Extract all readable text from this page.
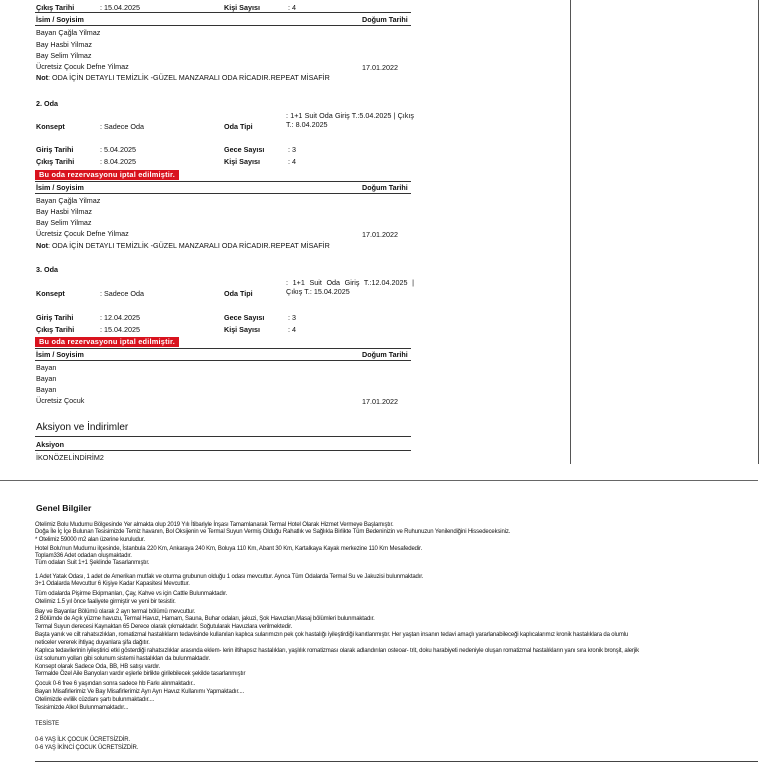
Çıkış Tarihi	: 15.04.2025	Kişi Sayısı	: 4
İsim / Soyisim	Doğum Tarihi
Bayan Çağla Yilmaz
Bay Hasbi Yilmaz
Bay Selim Yilmaz
Ücretsiz Çocuk Defne Yilmaz	17.01.2022
Not: ODA İÇİN DETAYLI TEMİZLİK -GÜZEL MANZARALI ODA RİCADIR.REPEAT MİSAFİR
2. Oda
: 1+1 Suit Oda Giriş T.:5.04.2025 | Çıkış T.: 8.04.2025
Konsept	: Sadece Oda	Oda Tipi
Giriş Tarihi	: 5.04.2025	Gece Sayısı	: 3
Çıkış Tarihi	: 8.04.2025	Kişi Sayısı	: 4
Bu oda rezervasyonu iptal edilmiştir.
İsim / Soyisim	Doğum Tarihi
Bayan Çağla Yilmaz
Bay Hasbi Yilmaz
Bay Selim Yilmaz
Ücretsiz Çocuk Defne Yilmaz	17.01.2022
Not: ODA İÇİN DETAYLI TEMİZLİK -GÜZEL MANZARALI ODA RİCADIR.REPEAT MİSAFİR
3. Oda
: 1+1 Suit Oda Giriş T.:12.04.2025 | Çıkış T.: 15.04.2025
Konsept	: Sadece Oda	Oda Tipi
Giriş Tarihi	: 12.04.2025	Gece Sayısı	: 3
Çıkış Tarihi	: 15.04.2025	Kişi Sayısı	: 4
Bu oda rezervasyonu iptal edilmiştir.
İsim / Soyisim	Doğum Tarihi
Bayan
Bayan
Bayan
Ücretsiz Çocuk	17.01.2022
Aksiyon ve İndirimler
Aksiyon
İKONÖZELİNDİRİM2
Genel Bilgiler
Otelimiz Bolu Mudurnu Bölgesinde Yer almakta olup 2019 Yılı İtibariyle İnşası Tamamlanarak Termal Hotel Olarak Hizmet Vermeye Başlamıştır.
Doğa İle İç İçe Bulunan Tesisimizde Temiz havanın, Bol Oksijenin ve Termal Suyun Vermiş Olduğu Rahatlık ve Sağlıkla Birlikte Tüm Bedeninizin ve Ruhunuzun Yenilendiğini Hissedeceksiniz.
* Otelimiz 59000 m2 alan üzerine kuruludur.
Hotel Bolu'nun Mudurnu ilçesinde, İstanbula 220 Km, Ankaraya 240 Km, Boluya 110 Km, Abant 30 Km, Kartalkaya Kayak merkezine 110 Km Mesafededir.
Toplam336 Adet odadan oluşmaktadır.
Tüm odaları Suit 1+1 Şeklinde Tasarlanmıştır.
1 Adet Yatak Odası, 1 adet de Amerikan mutfak ve oturma grubunun olduğu 1 odası mevcuttur. Ayrıca Tüm Odalarda Termal Su ve Jakuzisi bulunmaktadır.
3+1 Odalarda Mevcuttur 6 Kişiye Kadar Kapasitesi Mevcuttur.
Tüm odalarda Pişirme Ekipmanları, Çay, Kahve vs için Cattle Bulunmaktadır.
Otelimiz 1.5 yıl önce faaliyete girmiştir ve yeni bir tesistir.
Bay ve Bayanlar Bölümü olarak 2 ayrı termal bölümü mevcuttur.
2 Bölümde de Açık yüzme havuzu, Termal Havuz, Hamam, Sauna, Buhar odaları, jakuzi, Şok Havuzları,Masaj bölümleri bulunmaktadır.
Termal Suyun derecesi Kaynaktan 65 Derece olarak çıkmaktadır. Soğutularak Havuzlara verilmektedir.
Başta yanık ve cilt rahatsızlıkları, romatizmal hastalıkların tedavisinde kullanılan kaplıca sularımızın pek çok hastalığı iyileştirdiği kanıtlanmıştır. Her yaştan insanın tedavi amaçlı yararlanabileceği kaplıcalarımız kronik hastalıklara da olumlu
neticeler vererek ihtiyaç duyanlara şifa dağıtır.
Kaplıca tedavilerinin iyileştirici etki gösterdiği rahatsızlıklar arasında eklem- lerin iltihapsız hastalıkları, yaşlılık romatizması olarak adlandırılan osteoar- trit, doku harabiyeti nedeniyle oluşan romatizmal hastalıkların yanı sıra kronik bronşit, alerjik
üst solunum yolları gibi solunum sistemi hastalıkları da bulunmaktadır.
Konsept olarak Sadece Oda, BB, HB satışı vardır.
Termalde Özel Aile Banyoları vardır eşlerle birlikte girilebilecek şekilde tasarlanmıştır
Çocuk 0-6 free 6 yaşından sonra sadece hb Farkı alınmaktadır..
Bayan Misafirlerimiz Ve Bay Misafirlerimiz Ayrı Ayrı Havuz Kullanımı Yapmaktadır....
Otelimizde evlilik cüzdanı şartı bulunmaktadır....
Tesisimizde Alkol Bulunmamaktadır...
TESİSTE
0-6 YAŞ İLK ÇOCUK ÜCRETSİZDİR.
0-6 YAŞ İKİNCİ ÇOCUK ÜCRETSİZDİR.
